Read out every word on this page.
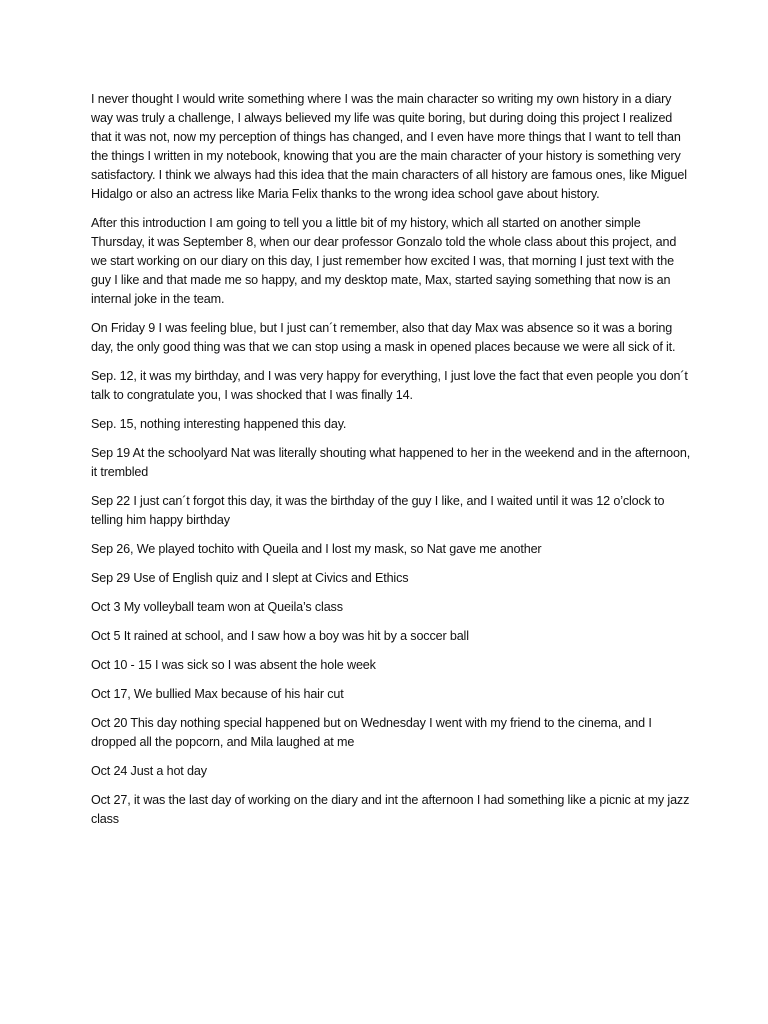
I never thought I would write something where I was the main character so writing my own history in a diary way was truly a challenge, I always believed my life was quite boring, but during doing this project I realized that it was not, now my perception of things has changed, and I even have more things that I want to tell than the things I written in my notebook, knowing that you are the main character of your history is something very satisfactory. I think we always had this idea that the main characters of all history are famous ones, like Miguel Hidalgo or also an actress like Maria Felix thanks to the wrong idea school gave about history.

After this introduction I am going to tell you a little bit of my history, which all started on another simple Thursday, it was September 8, when our dear professor Gonzalo told the whole class about this project, and we start working on our diary on this day, I just remember how excited I was, that morning I just text with the guy I like and that made me so happy, and my desktop mate, Max, started saying something that now is an internal joke in the team.

On Friday 9 I was feeling blue, but I just can´t remember, also that day Max was absence so it was a boring day, the only good thing was that we can stop using a mask in opened places because we were all sick of it.

Sep. 12, it was my birthday, and I was very happy for everything, I just love the fact that even people you don´t talk to congratulate you, I was shocked that I was finally 14.

Sep. 15, nothing interesting happened this day.

Sep 19 At the schoolyard Nat was literally shouting what happened to her in the weekend and in the afternoon, it trembled

Sep 22 I just can´t forgot this day, it was the birthday of the guy I like, and I waited until it was 12 o’clock to telling him happy birthday

Sep 26, We played tochito with Queila and I lost my mask, so Nat gave me another

Sep 29 Use of English quiz and I slept at Civics and Ethics

Oct 3 My volleyball team won at Queila’s class

Oct 5 It rained at school, and I saw how a boy was hit by a soccer ball

Oct 10 - 15 I was sick so I was absent the hole week

Oct 17, We bullied Max because of his hair cut

Oct 20 This day nothing special happened but on Wednesday I went with my friend to the cinema, and I dropped all the popcorn, and Mila laughed at me

Oct 24 Just a hot day

Oct 27, it was the last day of working on the diary and int the afternoon I had something like a picnic at my jazz class
